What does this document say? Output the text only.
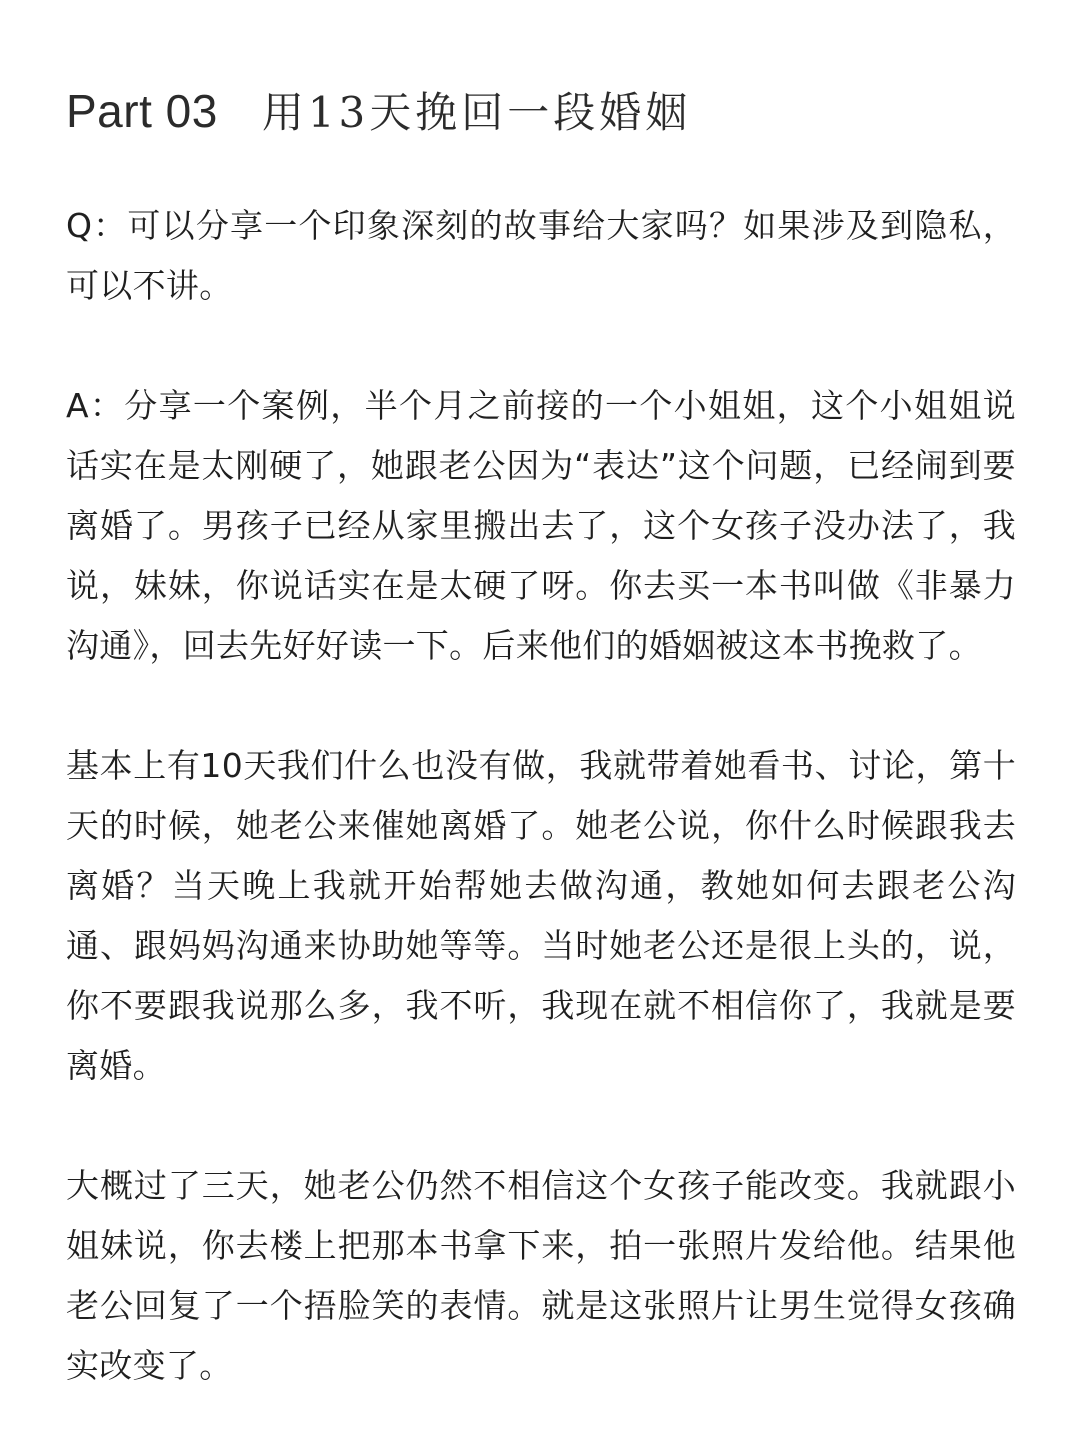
Part 03 用13天挽回一段婚姻

Q：可以分享一个印象深刻的故事给大家吗？如果涉及到隐私，可以不讲。

A：分享一个案例，半个月之前接的一个小姐姐，这个小姐姐说话实在是太刚硬了，她跟老公因为“表达”这个问题，已经闹到要离婚了。男孩子已经从家里搬出去了，这个女孩子没办法了，我说，妹妹，你说话实在是太硬了呀。你去买一本书叫做《非暴力沟通》，回去先好好读一下。后来他们的婚姻被这本书挽救了。

基本上有10天我们什么也没有做，我就带着她看书、讨论，第十天的时候，她老公来催她离婚了。她老公说，你什么时候跟我去离婚？当天晚上我就开始帮她去做沟通，教她如何去跟老公沟通、跟妈妈沟通来协助她等等。当时她老公还是很上头的，说，你不要跟我说那么多，我不听，我现在就不相信你了，我就是要离婚。

大概过了三天，她老公仍然不相信这个女孩子能改变。我就跟小姐妹说，你去楼上把那本书拿下来，拍一张照片发给他。结果他老公回复了一个捂脸笑的表情。就是这张照片让男生觉得女孩确实改变了。
